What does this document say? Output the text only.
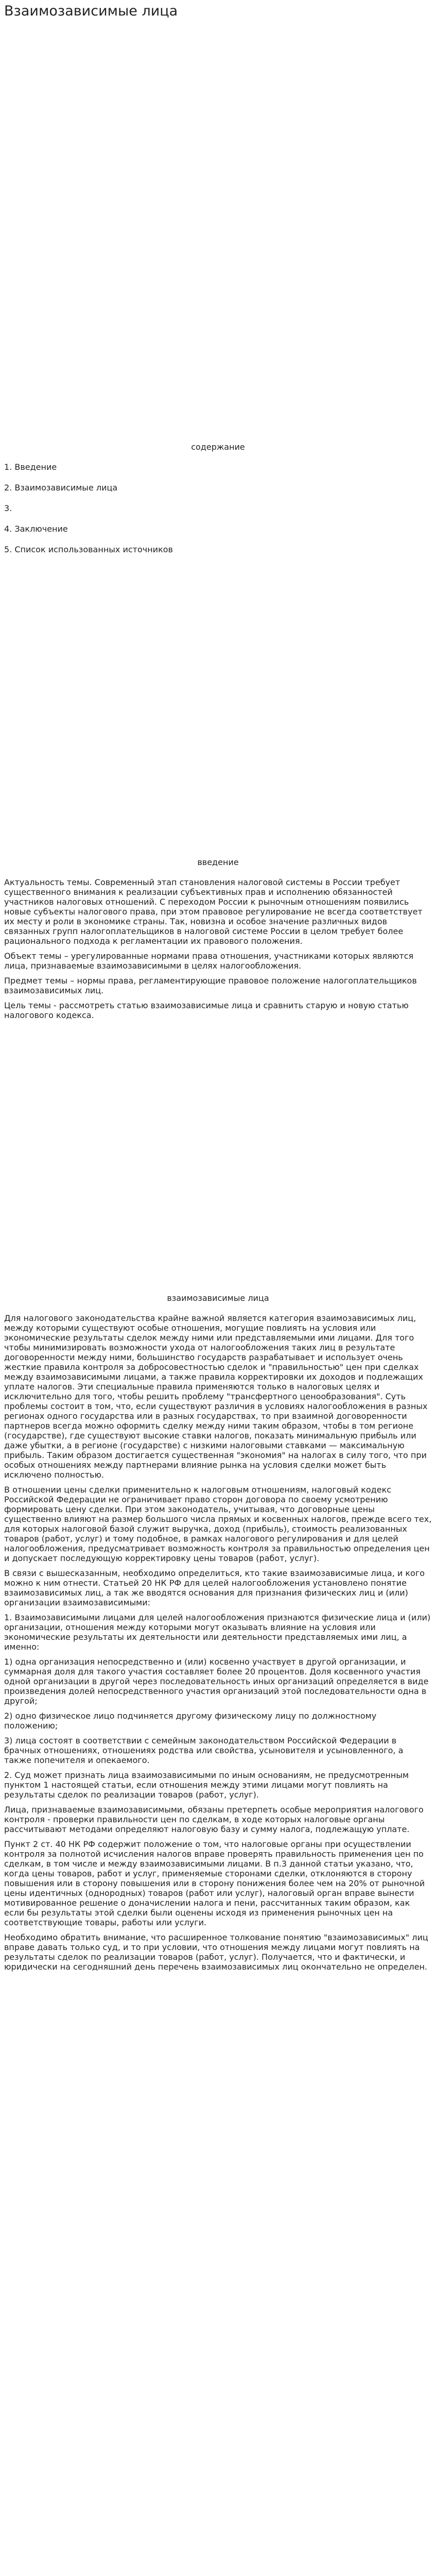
Взаимозависимые лица

содержание

1. Введение
2. Взаимозависимые лица
3.
4. Заключение
5. Список использованных источников

введение

Актуальность темы. Современный этап становления налоговой системы в России требует существенного внимания к реализации субъективных прав и исполнению обязанностей участников налоговых отношений. С переходом России к рыночным отношениям появились новые субъекты налогового права, при этом правовое регулирование не всегда соответствует их месту и роли в экономике страны. Так, новизна и особое значение различных видов связанных групп налогоплательщиков в налоговой системе России в целом требует более рационального подхода к регламентации их правового положения.

Объект темы – урегулированные нормами права отношения, участниками которых являются лица, признаваемые взаимозависимыми в целях налогообложения.

Предмет темы – нормы права, регламентирующие правовое положение налогоплательщиков взаимозависимых лиц.

Цель темы - рассмотреть статью взаимозависимые лица и сравнить старую и новую статью налогового кодекса.

взаимозависимые лица

Для налогового законодательства крайне важной является категория взаимозависимых лиц, между которыми существуют особые отношения, могущие повлиять на условия или экономические результаты сделок между ними или представляемыми ими лицами. Для того чтобы минимизировать возможности ухода от налогообложения таких лиц в результате договоренности между ними, большинство государств разрабатывает и использует очень жесткие правила контроля за добросовестностью сделок и "правильностью" цен при сделках между взаимозависимыми лицами, а также правила корректировки их доходов и подлежащих уплате налогов. Эти специальные правила применяются только в налоговых целях и исключительно для того, чтобы решить проблему "трансфертного ценообразования". Суть проблемы состоит в том, что, если существуют различия в условиях налогообложения в разных регионах одного государства или в разных государствах, то при взаимной договоренности партнеров всегда можно оформить сделку между ними таким образом, чтобы в том регионе (государстве), где существуют высокие ставки налогов, показать минимальную прибыль или даже убытки, а в регионе (государстве) с низкими налоговыми ставками — максимальную прибыль. Таким образом достигается существенная "экономия" на налогах в силу того, что при особых отношениях между партнерами влияние рынка на условия сделки может быть исключено полностью.

В отношении цены сделки применительно к налоговым отношениям, налоговый кодекс Российской Федерации не ограничивает право сторон договора по своему усмотрению формировать цену сделки. При этом законодатель, учитывая, что договорные цены существенно влияют на размер большого числа прямых и косвенных налогов, прежде всего тех, для которых налоговой базой служит выручка, доход (прибыль), стоимость реализованных товаров (работ, услуг) и тому подобное, в рамках налогового регулирования и для целей налогообложения, предусматривает возможность контроля за правильностью определения цен и допускает последующую корректировку цены товаров (работ, услуг).

В связи с вышесказанным, необходимо определиться, кто такие взаимозависимые лица, и кого можно к ним отнести. Статьей 20 НК РФ для целей налогообложения установлено понятие взаимозависимых лиц, а так же вводятся основания для признания физических лиц и (или) организации взаимозависимыми:

1. Взаимозависимыми лицами для целей налогообложения признаются физические лица и (или) организации, отношения между которыми могут оказывать влияние на условия или экономические результаты их деятельности или деятельности представляемых ими лиц, а именно:

1) одна организация непосредственно и (или) косвенно участвует в другой организации, и суммарная доля для такого участия составляет более 20 процентов. Доля косвенного участия одной организации в другой через последовательность иных организаций определяется в виде произведения долей непосредственного участия организаций этой последовательности одна в другой;

2) одно физическое лицо подчиняется другому физическому лицу по должностному положению;

3) лица состоят в соответствии с семейным законодательством Российской Федерации в брачных отношениях, отношениях родства или свойства, усыновителя и усыновленного, а также попечителя и опекаемого.

2. Суд может признать лица взаимозависимыми по иным основаниям, не предусмотренным пунктом 1 настоящей статьи, если отношения между этими лицами могут повлиять на результаты сделок по реализации товаров (работ, услуг).

Лица, признаваемые взаимозависимыми, обязаны претерпеть особые мероприятия налогового контроля - проверки правильности цен по сделкам, в ходе которых налоговые органы рассчитывают методами определяют налоговую базу и сумму налога, подлежащую уплате.

Пункт 2 ст. 40 НК РФ содержит положение о том, что налоговые органы при осуществлении контроля за полнотой исчисления налогов вправе проверять правильность применения цен по сделкам, в том числе и между взаимозависимыми лицами. В п.3 данной статьи указано, что, когда цены товаров, работ и услуг, применяемые сторонами сделки, отклоняются в сторону повышения или в сторону повышения или в сторону понижения более чем на 20% от рыночной цены идентичных (однородных) товаров (работ или услуг), налоговый орган вправе вынести мотивированное решение о доначислении налога и пени, рассчитанных таким образом, как если бы результаты этой сделки были оценены исходя из применения рыночных цен на соответствующие товары, работы или услуги.

Необходимо обратить внимание, что расширенное толкование понятию "взаимозависимых" лиц вправе давать только суд, и то при условии, что отношения между лицами могут повлиять на результаты сделок по реализации товаров (работ, услуг). Получается, что и фактически, и юридически на сегодняшний день перечень взаимозависимых лиц окончательно не определен.
